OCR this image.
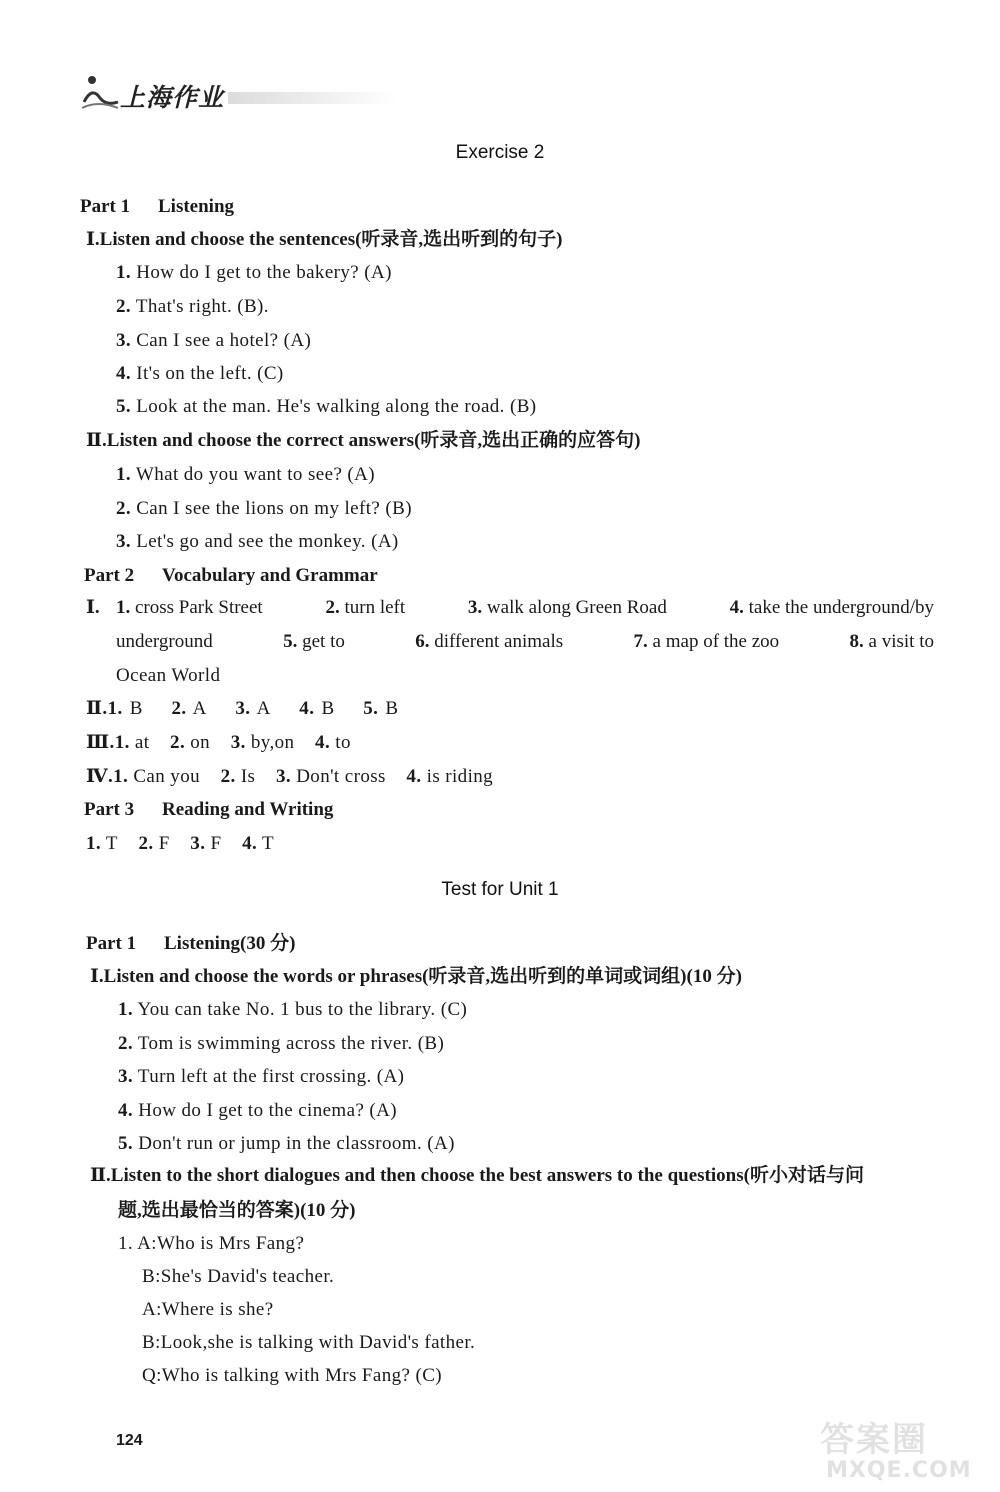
上海作业
Exercise 2
Part 1 Listening
Ⅰ.Listen and choose the sentences(听录音,选出听到的句子)
1. How do I get to the bakery? (A)
2. That's right. (B).
3. Can I see a hotel? (A)
4. It's on the left. (C)
5. Look at the man. He's walking along the road. (B)
Ⅱ.Listen and choose the correct answers(听录音,选出正确的应答句)
1. What do you want to see? (A)
2. Can I see the lions on my left? (B)
3. Let's go and see the monkey. (A)
Part 2 Vocabulary and Grammar
Ⅰ. 1. cross Park Street	2. turn left	3. walk along Green Road	4. take the underground/by
underground	5. get to	6. different animals	7. a map of the zoo	8. a visit to
Ocean World
Ⅱ.1. B 2. A 3. A 4. B 5. B
Ⅲ.1. at 2. on 3. by,on 4. to
Ⅳ.1. Can you 2. Is 3. Don't cross 4. is riding
Part 3 Reading and Writing
1. T 2. F 3. F 4. T
Test for Unit 1
Part 1 Listening(30 分)
Ⅰ.Listen and choose the words or phrases(听录音,选出听到的单词或词组)(10 分)
1. You can take No. 1 bus to the library. (C)
2. Tom is swimming across the river. (B)
3. Turn left at the first crossing. (A)
4. How do I get to the cinema? (A)
5. Don't run or jump in the classroom. (A)
Ⅱ.Listen to the short dialogues and then choose the best answers to the questions(听小对话与问
题,选出最恰当的答案)(10 分)
1. A:Who is Mrs Fang?
B:She's David's teacher.
A:Where is she?
B:Look,she is talking with David's father.
Q:Who is talking with Mrs Fang? (C)
124	答案圈
MXQE.COM
